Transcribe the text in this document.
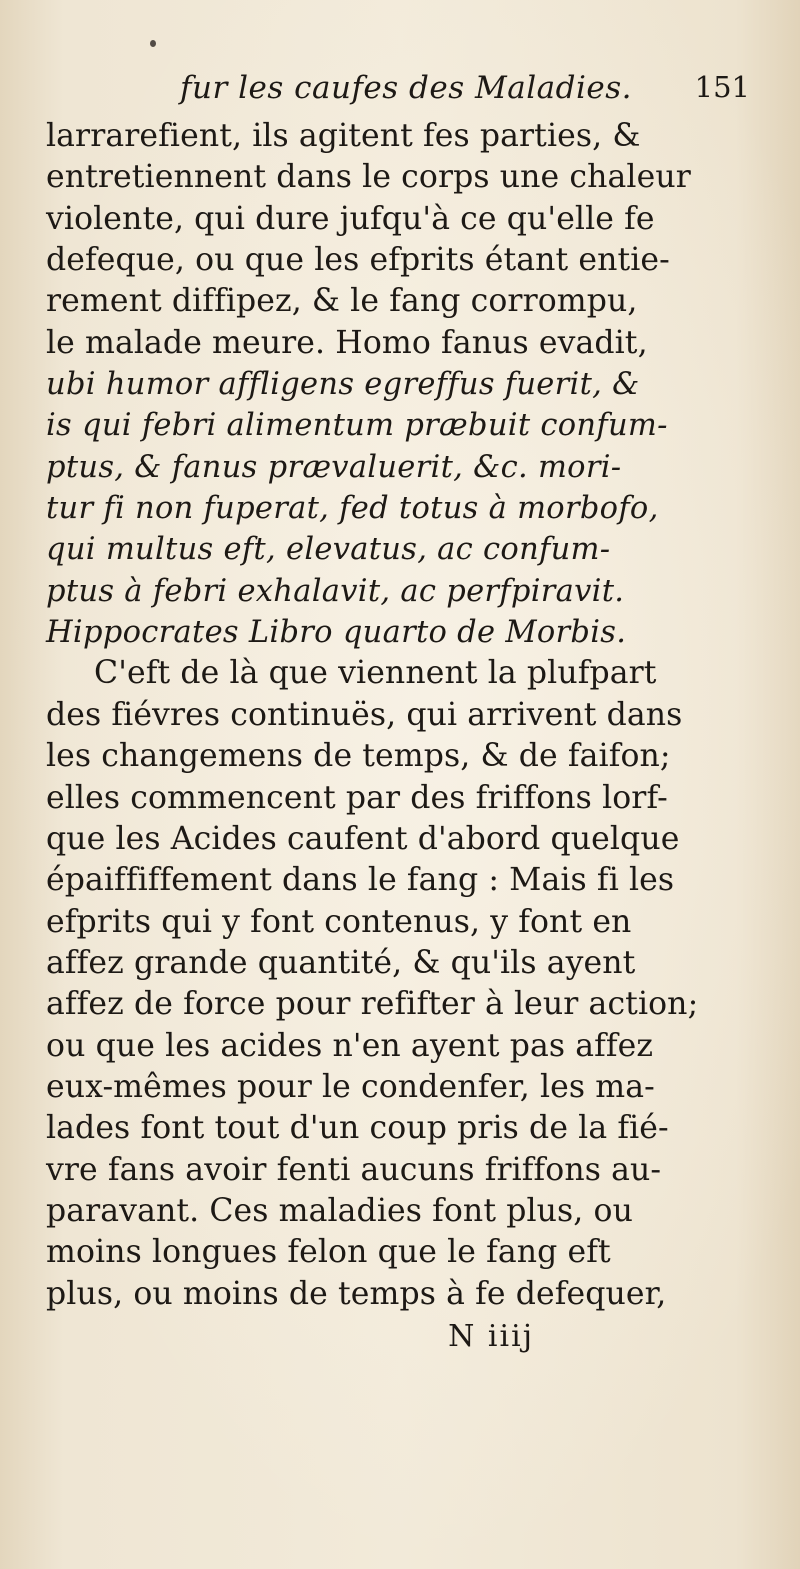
fur les caufes des Maladies. 151
larrarefient, ils agitent fes parties, &
entretiennent dans le corps une chaleur
violente, qui dure jufqu'à ce qu'elle fe
defeque, ou que les efprits étant entie-
rement diffipez, & le fang corrompu,
le malade meure. Homo fanus evadit,
ubi humor affligens egreffus fuerit, &
is qui febri alimentum præbuit confum-
ptus, & fanus prævaluerit, &c. mori-
tur fi non fuperat, fed totus à morbofo,
qui multus eft, elevatus, ac confum-
ptus à febri exhalavit, ac perfpiravit.
Hippocrates Libro quarto de Morbis.
C'eft de là que viennent la plufpart
des fiévres continuës, qui arrivent dans
les changemens de temps, & de faifon;
elles commencent par des friffons lorf-
que les Acides caufent d'abord quelque
épaiffiffement dans le fang : Mais fi les
efprits qui y font contenus, y font en
affez grande quantité, & qu'ils ayent
affez de force pour refifter à leur action;
ou que les acides n'en ayent pas affez
eux-mêmes pour le condenfer, les ma-
lades font tout d'un coup pris de la fié-
vre fans avoir fenti aucuns friffons au-
paravant. Ces maladies font plus, ou
moins longues felon que le fang eft
plus, ou moins de temps à fe defequer,
N iiij
